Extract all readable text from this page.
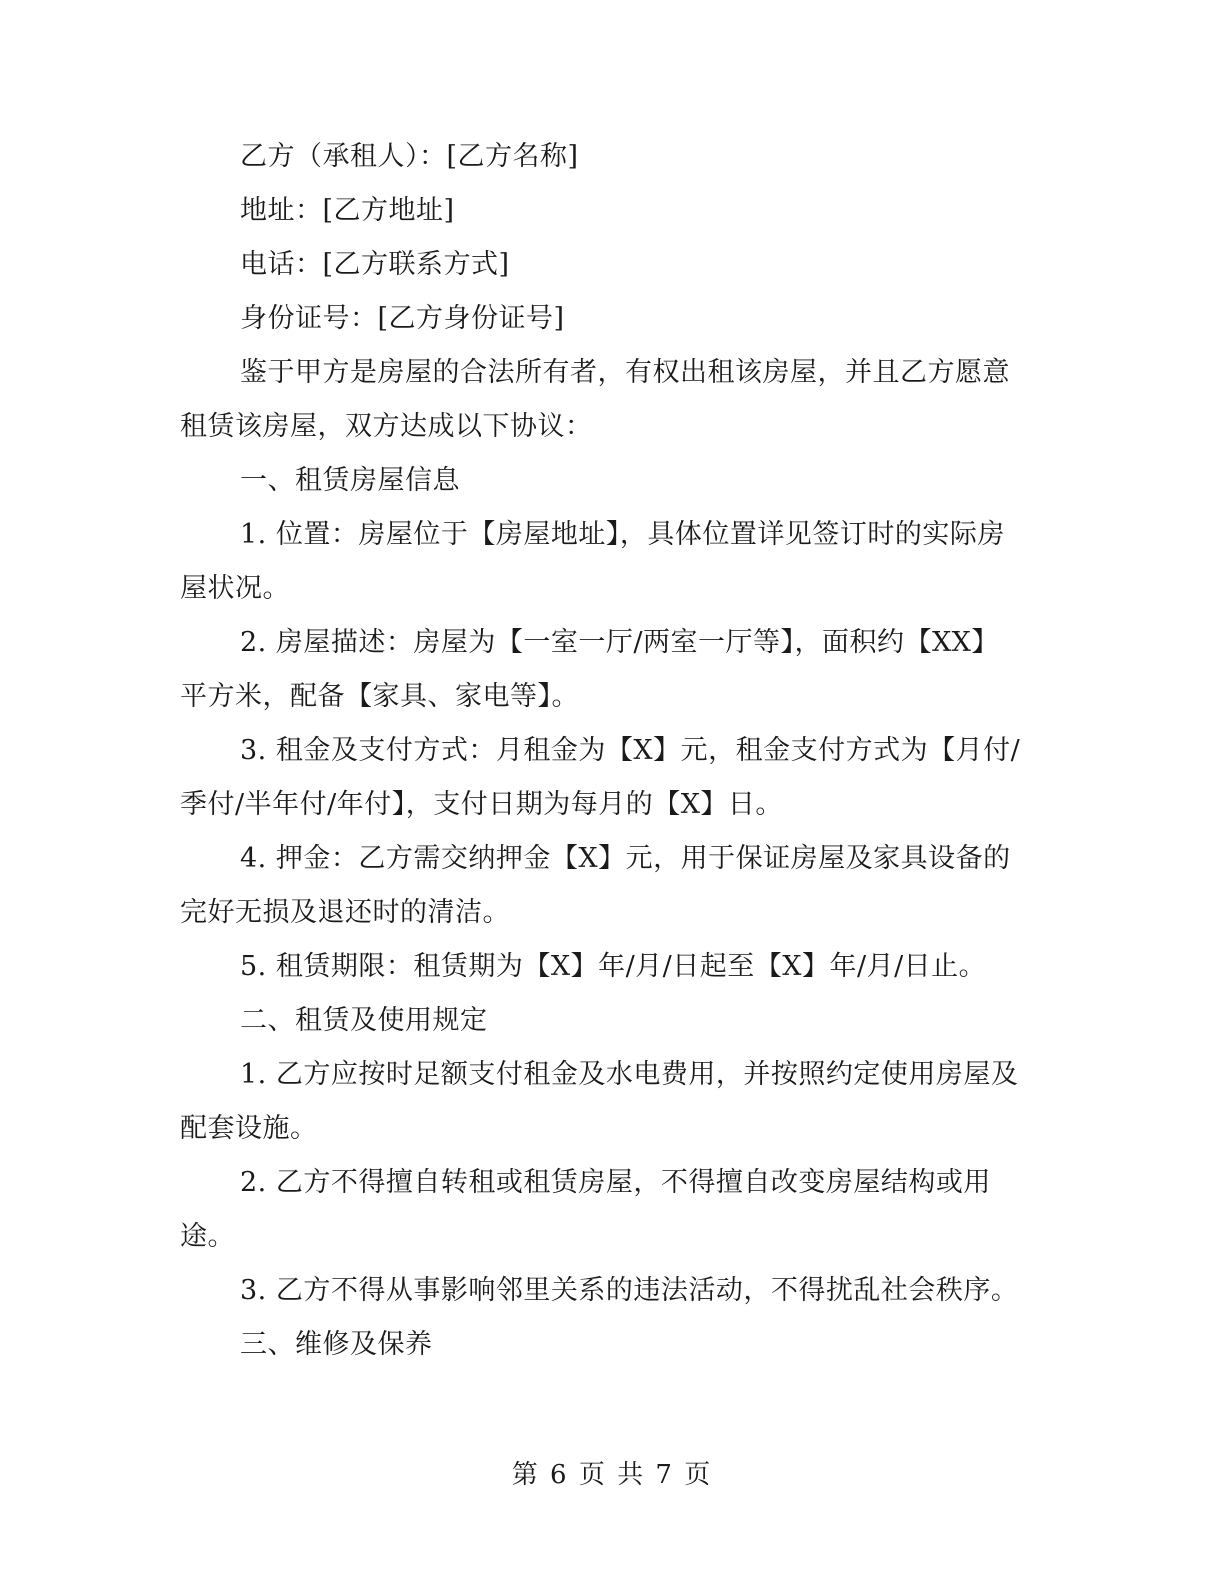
乙方（承租人）：[乙方名称]
地址：[乙方地址]
电话：[乙方联系方式]
身份证号：[乙方身份证号]
鉴于甲方是房屋的合法所有者，有权出租该房屋，并且乙方愿意
租赁该房屋，双方达成以下协议：
一、租赁房屋信息
1. 位置：房屋位于【房屋地址】，具体位置详见签订时的实际房
屋状况。
2. 房屋描述：房屋为【一室一厅/两室一厅等】，面积约【XX】
平方米，配备【家具、家电等】。
3. 租金及支付方式：月租金为【X】元，租金支付方式为【月付/
季付/半年付/年付】，支付日期为每月的【X】日。
4. 押金：乙方需交纳押金【X】元，用于保证房屋及家具设备的
完好无损及退还时的清洁。
5. 租赁期限：租赁期为【X】年/月/日起至【X】年/月/日止。
二、租赁及使用规定
1. 乙方应按时足额支付租金及水电费用，并按照约定使用房屋及
配套设施。
2. 乙方不得擅自转租或租赁房屋，不得擅自改变房屋结构或用
途。
3. 乙方不得从事影响邻里关系的违法活动，不得扰乱社会秩序。
三、维修及保养
第 6 页 共 7 页
